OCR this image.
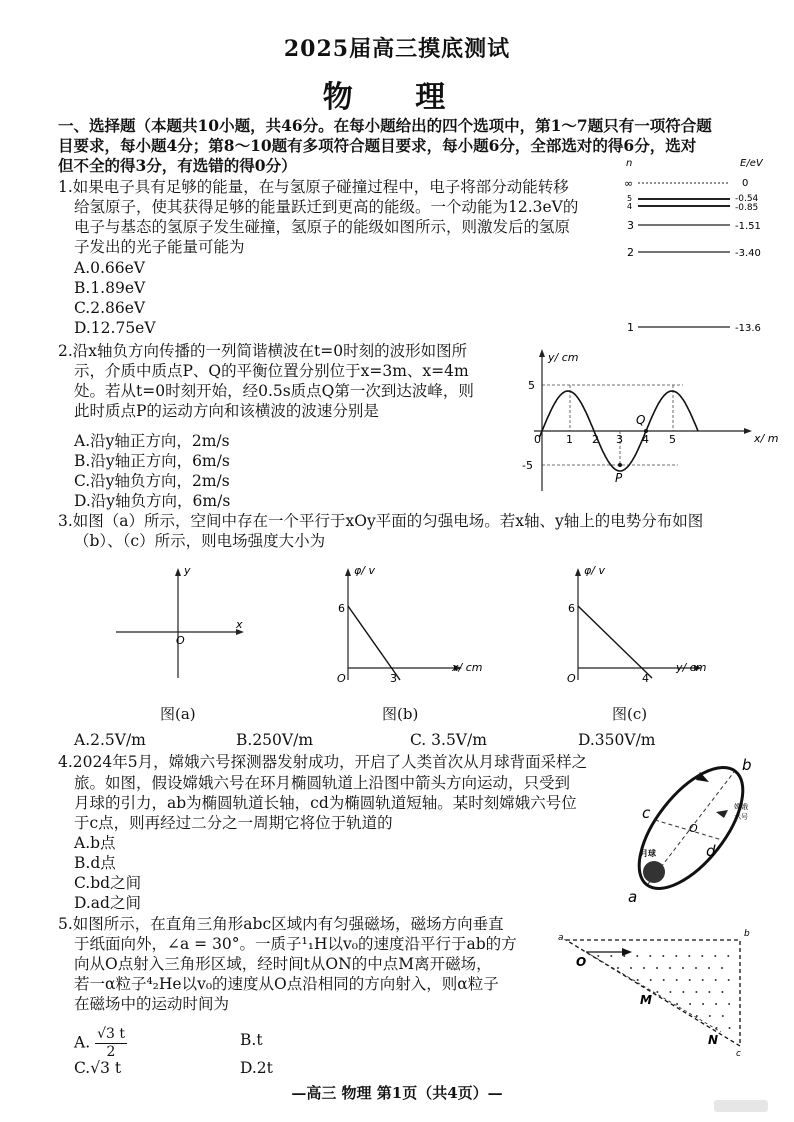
2025届高三摸底测试
物 理
一、选择题（本题共10小题，共46分。在每小题给出的四个选项中，第1～7题只有一项符合题
目要求，每小题4分；第8～10题有多项符合题目要求，每小题6分，全部选对的得6分，选对
但不全的得3分，有选错的得0分）
1.如果电子具有足够的能量，在与氢原子碰撞过程中，电子将部分动能转移
给氢原子，使其获得足够的能量跃迁到更高的能级。一个动能为12.3eV的
电子与基态的氢原子发生碰撞，氢原子的能级如图所示，则激发后的氢原
子发出的光子能量可能为
A.0.66eV
B.1.89eV
C.2.86eV
D.12.75eV
n	E/eV
∞
5
4
3
2
1
0
-0.54
-0.85
-1.51
-3.40
-13.6
2.沿x轴负方向传播的一列简谐横波在t=0时刻的波形如图所
示，介质中质点P、Q的平衡位置分别位于x=3m、x=4m
处。若从t=0时刻开始，经0.5s质点Q第一次到达波峰，则
此时质点P的运动方向和该横波的波速分别是
A.沿y轴正方向，2m/s
B.沿y轴正方向，6m/s
C.沿y轴负方向，2m/s
D.沿y轴负方向，6m/s
y/ cm
x/ m
5
-5
0 1 2 3 4 5
P
Q
3.如图（a）所示，空间中存在一个平行于xOy平面的匀强电场。若x轴、y轴上的电势分布如图
（b）、（c）所示，则电场强度大小为
x
y
O
图(a)
φ/ v
x/ cm
6
3
O
图(b)
φ/ v
y/ cm
6
4
O
图(c)
A.2.5V/m	B.250V/m	C. 3.5V/m	D.350V/m
4.2024年5月，嫦娥六号探测器发射成功，开启了人类首次从月球背面采样之
旅。如图，假设嫦娥六号在环月椭圆轨道上沿图中箭头方向运动，只受到
月球的引力，ab为椭圆轨道长轴，cd为椭圆轨道短轴。某时刻嫦娥六号位
于c点，则再经过二分之一周期它将位于轨道的
A.b点
B.d点
C.bd之间
D.ad之间
月球
嫦娥
六号
a
b
c
d
O
5.如图所示，在直角三角形abc区域内有匀强磁场，磁场方向垂直
于纸面向外，∠a = 30°。一质子¹₁H以v₀的速度沿平行于ab的方
向从O点射入三角形区域，经时间t从ON的中点M离开磁场，
若一α粒子⁴₂He以v₀的速度从O点沿相同的方向射入，则α粒子
在磁场中的运动时间为
A. $\frac{√3 t}{2}$	B.t
C.√3 t	D.2t
a	b
c
O
M
N
—高三 物理 第1页（共4页）—
